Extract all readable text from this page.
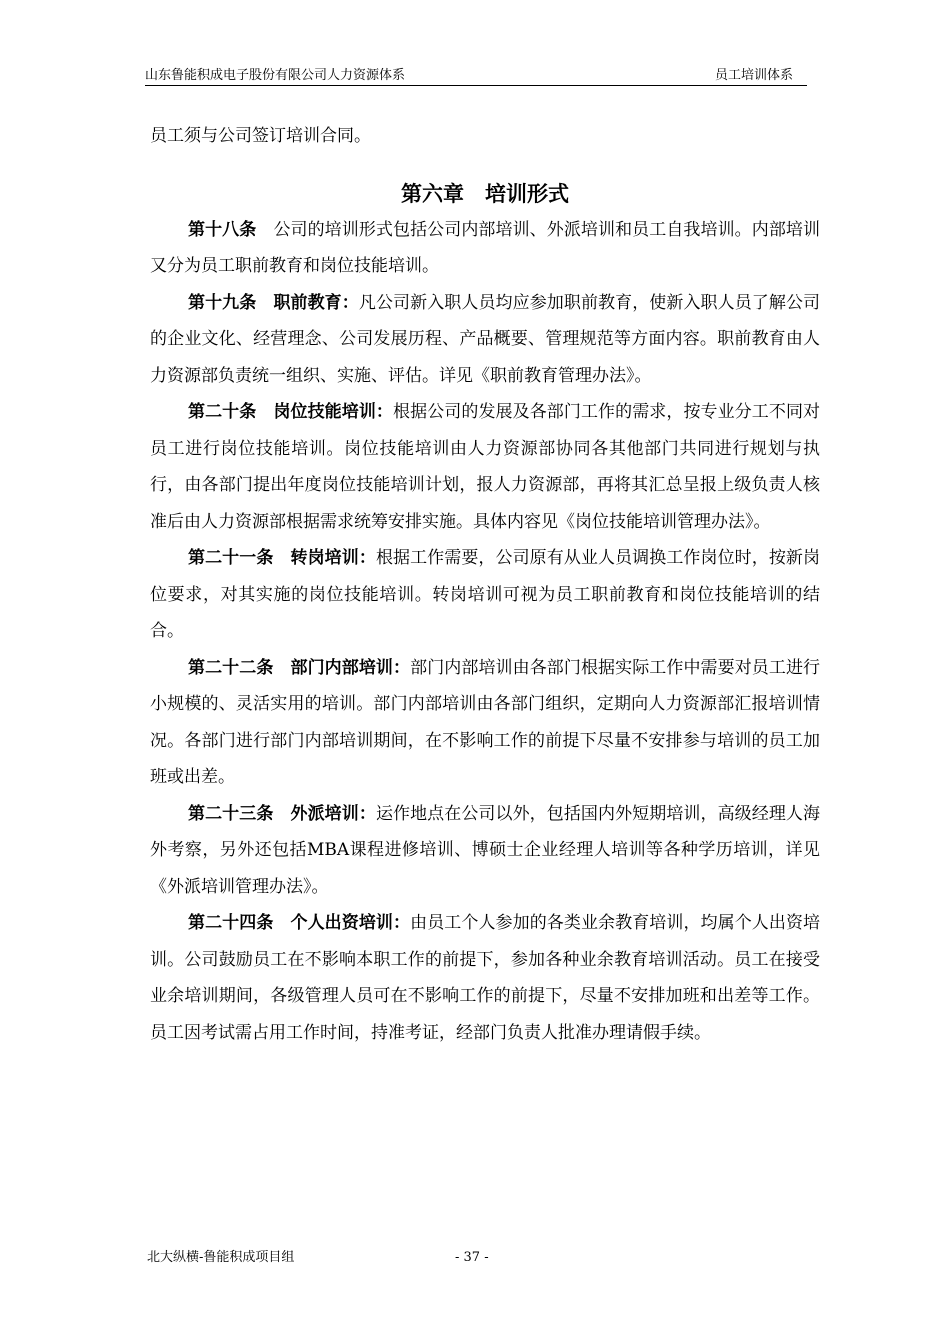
山东鲁能积成电子股份有限公司人力资源体系	员工培训体系

员工须与公司签订培训合同。

第六章　培训形式

第十八条　 公司的培训形式包括公司内部培训、外派培训和员工自我培训。内部培训又分为员工职前教育和岗位技能培训。

第十九条　 职前教育：凡公司新入职人员均应参加职前教育，使新入职人员了解公司的企业文化、经营理念、公司发展历程、产品概要、管理规范等方面内容。职前教育由人力资源部负责统一组织、实施、评估。详见《职前教育管理办法》。

第二十条　 岗位技能培训：根据公司的发展及各部门工作的需求，按专业分工不同对员工进行岗位技能培训。岗位技能培训由人力资源部协同各其他部门共同进行规划与执行，由各部门提出年度岗位技能培训计划，报人力资源部，再将其汇总呈报上级负责人核准后由人力资源部根据需求统筹安排实施。具体内容见《岗位技能培训管理办法》。

第二十一条　 转岗培训：根据工作需要，公司原有从业人员调换工作岗位时，按新岗位要求，对其实施的岗位技能培训。转岗培训可视为员工职前教育和岗位技能培训的结合。

第二十二条　 部门内部培训：部门内部培训由各部门根据实际工作中需要对员工进行小规模的、灵活实用的培训。部门内部培训由各部门组织，定期向人力资源部汇报培训情况。各部门进行部门内部培训期间，在不影响工作的前提下尽量不安排参与培训的员工加班或出差。

第二十三条　 外派培训：运作地点在公司以外，包括国内外短期培训，高级经理人海外考察，另外还包括MBA课程进修培训、博硕士企业经理人培训等各种学历培训，详见《外派培训管理办法》。

第二十四条　 个人出资培训：由员工个人参加的各类业余教育培训，均属个人出资培训。公司鼓励员工在不影响本职工作的前提下，参加各种业余教育培训活动。员工在接受业余培训期间，各级管理人员可在不影响工作的前提下，尽量不安排加班和出差等工作。员工因考试需占用工作时间，持准考证，经部门负责人批准办理请假手续。

北大纵横-鲁能积成项目组	- 37 -
